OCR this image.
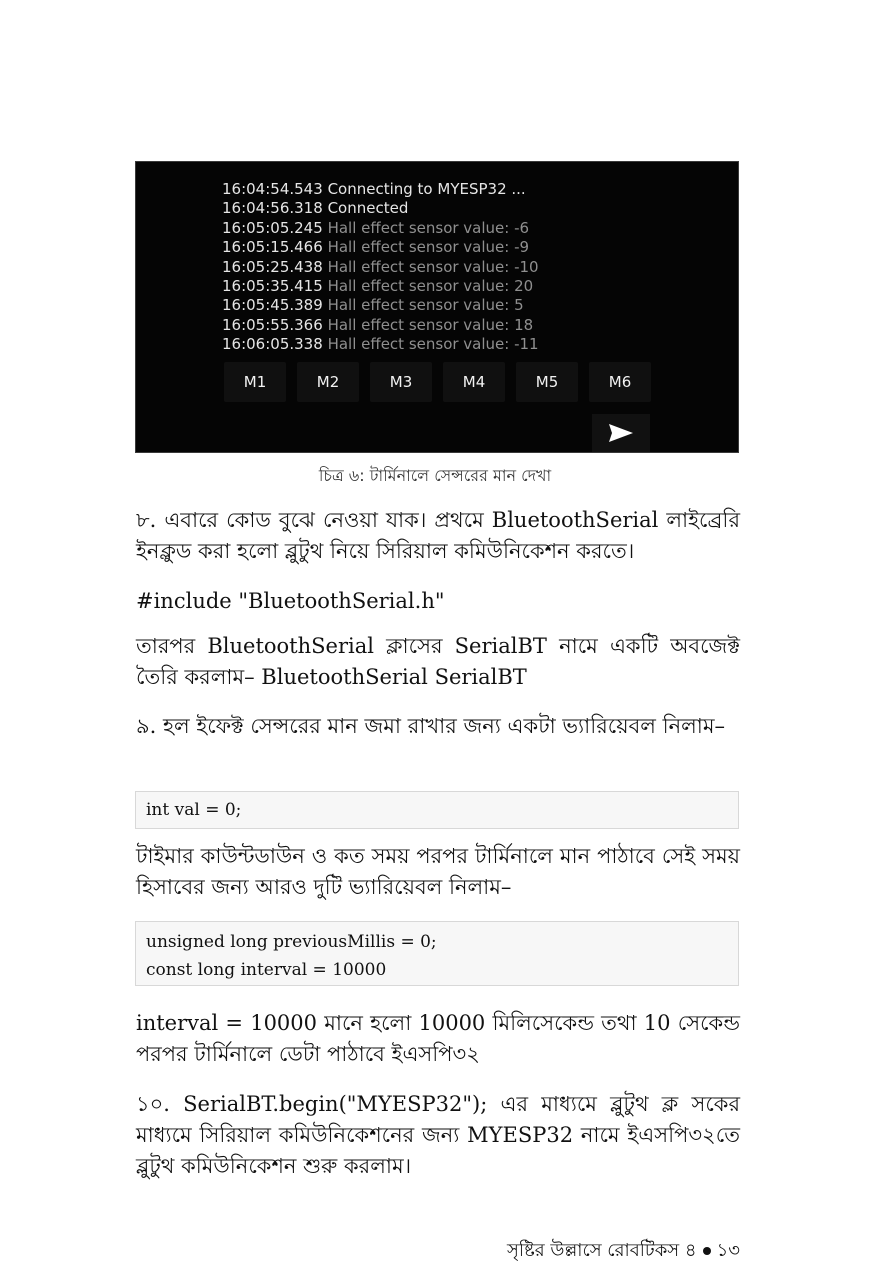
16:04:54.543 Connecting to MYESP32 ...
16:04:56.318 Connected
16:05:05.245 Hall effect sensor value: -6
16:05:15.466 Hall effect sensor value: -9
16:05:25.438 Hall effect sensor value: -10
16:05:35.415 Hall effect sensor value: 20
16:05:45.389 Hall effect sensor value: 5
16:05:55.366 Hall effect sensor value: 18
16:06:05.338 Hall effect sensor value: -11
M1	M2	M3	M4	M5	M6
চিত্র ৬: টার্মিনালে সেন্সরের মান দেখা
৮. এবারে কোড বুঝে নেওয়া যাক। প্রথমে BluetoothSerial লাইব্রেরি ইনক্লুড করা হলো ব্লুটুথ নিয়ে সিরিয়াল কমিউনিকেশন করতে।
#include "BluetoothSerial.h"
তারপর BluetoothSerial ক্লাসের SerialBT নামে একটি অবজেক্ট তৈরি করলাম– BluetoothSerial SerialBT
৯. হল ইফেক্ট সেন্সরের মান জমা রাখার জন্য একটা ভ্যারিয়েবল নিলাম–
int val = 0;
টাইমার কাউন্টডাউন ও কত সময় পরপর টার্মিনালে মান পাঠাবে সেই সময় হিসাবের জন্য আরও দুটি ভ্যারিয়েবল নিলাম–
unsigned long previousMillis = 0;
const long interval = 10000
interval = 10000 মানে হলো 10000 মিলিসেকেন্ড তথা 10 সেকেন্ড পরপর টার্মিনালে ডেটা পাঠাবে ইএসপি৩২
১০. SerialBT.begin("MYESP32"); এর মাধ্যমে ব্লুটুথ ক্ল সকের মাধ্যমে সিরিয়াল কমিউনিকেশনের জন্য MYESP32 নামে ইএসপি৩২তে ব্লুটুথ কমিউনিকেশন শুরু করলাম।
সৃষ্টির উল্লাসে রোবটিকস ৪ ১৩
